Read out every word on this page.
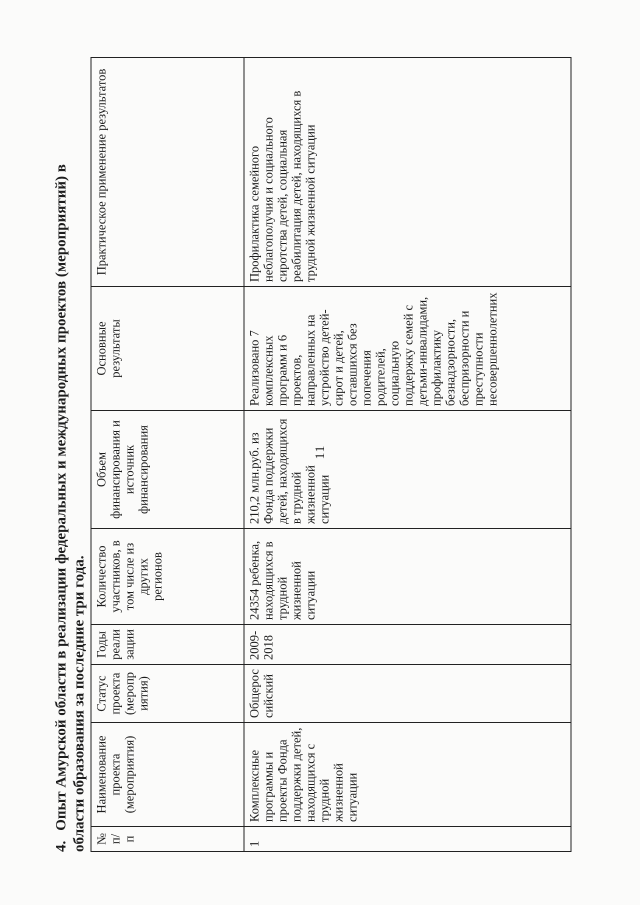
11
4.Опыт Амурской области в реализации федеральных и международных проектов (мероприятий) в области образования за последние три года. № п/п	Наименование проекта (мероприятия)	Статус проекта (мероприятия)	Годы реализации	Количество участников, в том числе из других регионов	Объем финансирования и источник финансирования	Основные результаты	Практическое применение результатов
1	Комплексные программы и проекты Фонда поддержки детей, находящихся с трудной жизненной ситуации	Общероссийский	2009-2018	24354 ребенка, находящихся в трудной жизненной ситуации	210,2 млн.руб. из Фонда поддержки детей, находящихся в трудной жизненной ситуации	Реализовано 7 комплексных программ и 6 проектов, направленных на устройство детей-сирот и детей, оставшихся без попечения родителей, социальную поддержку семей с детьми-инвалидами, профилактику безнадзорности, беспризорности и преступности несовершеннолетних	Профилактика семейного неблагополучия и социального сиротства детей, социальная реабилитация детей, находящихся в трудной жизненной ситуации
